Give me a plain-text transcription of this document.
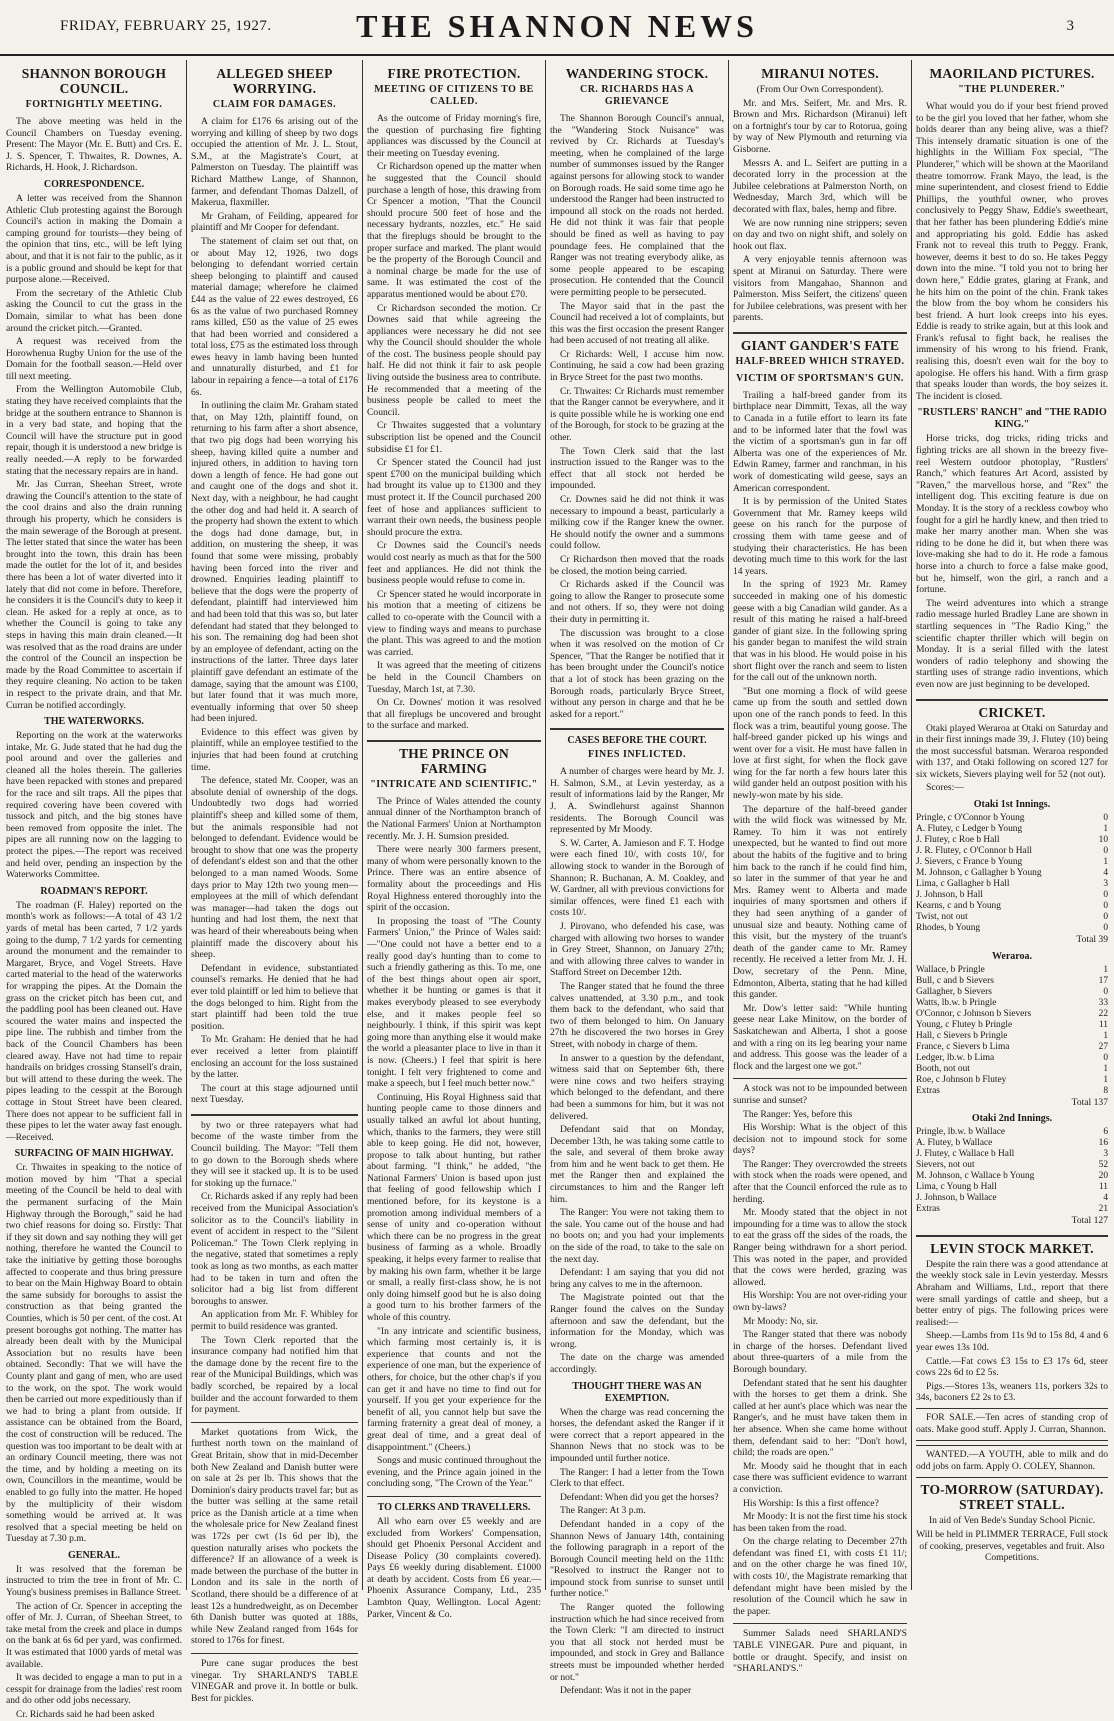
FRIDAY, FEBRUARY 25, 1927.	THE SHANNON NEWS	3
SHANNON BOROUGH COUNCIL.
FORTNIGHTLY MEETING.

The above meeting was held in the Council Chambers on Tuesday evening. Present: The Mayor (Mr. E. Butt) and Crs. E. J. S. Spencer, T. Thwaites, R. Downes, A. Richards, H. Hook, J. Richardson.

CORRESPONDENCE.

A letter was received from the Shannon Athletic Club protesting against the Borough Council's action in making the Domain a camping ground for tourists—they being of the opinion that tins, etc., will be left lying about, and that it is not fair to the public, as it is a public ground and should be kept for that purpose alone.—Received.

From the secretary of the Athletic Club asking the Council to cut the grass in the Domain, similar to what has been done around the cricket pitch.—Granted.

A request was received from the Horowhenua Rugby Union for the use of the Domain for the football season.—Held over till next meeting.

From the Wellington Automobile Club, stating they have received complaints that the bridge at the southern entrance to Shannon is in a very bad state, and hoping that the Council will have the structure put in good repair, though it is understood a new bridge is really needed.—A reply to be forwarded stating that the necessary repairs are in hand.

Mr. Jas Curran, Sheehan Street, wrote drawing the Council's attention to the state of the cool drains and also the drain running through his property, which he considers is the main sewerage of the Borough at present. The letter stated that since the water has been brought into the town, this drain has been made the outlet for the lot of it, and besides there has been a lot of water diverted into it lately that did not come in before. Therefore, he considers it is the Council's duty to keep it clean. He asked for a reply at once, as to whether the Council is going to take any steps in having this main drain cleaned.—It was resolved that as the road drains are under the control of the Council an inspection be made by the Road Committee to ascertain if they require cleaning. No action to be taken in respect to the private drain, and that Mr. Curran be notified accordingly.

THE WATERWORKS.

Reporting on the work at the waterworks intake, Mr. G. Jude stated that he had dug the pool around and over the galleries and cleaned all the holes therein. The galleries have been repacked with stones and prepared for the race and silt traps. All the pipes that required covering have been covered with tussock and pitch, and the big stones have been removed from opposite the inlet. The pipes are all running now on the lagging to protect the pipes.—The report was received and held over, pending an inspection by the Waterworks Committee.

ROADMAN'S REPORT.

The roadman (F. Haley) reported on the month's work as follows:—A total of 43 1/2 yards of metal has been carted, 7 1/2 yards going to the dump, 7 1/2 yards for cementing around the monument and the remainder to Margaret, Bryce, and Vogel Streets. Have carted material to the head of the waterworks for wrapping the pipes. At the Domain the grass on the cricket pitch has been cut, and the paddling pool has been cleaned out. Have scoured the water mains and inspected the pipe line. The rubbish and timber from the back of the Council Chambers has been cleared away. Have not had time to repair handrails on bridges crossing Stansell's drain, but will attend to these during the week. The pipes leading to the cesspit at the Borough cottage in Stout Street have been cleared. There does not appear to be sufficient fall in these pipes to let the water away fast enough.—Received.

SURFACING OF MAIN HIGHWAY.

Cr. Thwaites in speaking to the notice of motion moved by him "That a special meeting of the Council be held to deal with the permanent surfacing of the Main Highway through the Borough," said he had two chief reasons for doing so. Firstly: That if they sit down and say nothing they will get nothing, therefore he wanted the Council to take the initiative by getting those boroughs affected to cooperate and thus bring pressure to bear on the Main Highway Board to obtain the same subsidy for boroughs to assist the construction as that being granted the Counties, which is 50 per cent. of the cost. At present boroughs got nothing. The matter has already been dealt with by the Municipal Association but no results have been obtained. Secondly: That we will have the County plant and gang of men, who are used to the work, on the spot. The work would then be carried out more expeditiously than if we had to bring a plant from outside. If assistance can be obtained from the Board, the cost of construction will be reduced. The question was too important to be dealt with at an ordinary Council meeting, there was not the time, and by holding a meeting on its own, Councillors in the meantime, would be enabled to go fully into the matter. He hoped by the multiplicity of their wisdom something would be arrived at. It was resolved that a special meeting be held on Tuesday at 7.30 p.m.

GENERAL.

It was resolved that the foreman be instructed to trim the tree in front of Mr. C. Young's business premises in Ballance Street.

The action of Cr. Spencer in accepting the offer of Mr. J. Curran, of Sheehan Street, to take metal from the creek and place in dumps on the bank at 6s 6d per yard, was confirmed. It was estimated that 1000 yards of metal was available.

It was decided to engage a man to put in a cesspit for drainage from the ladies' rest room and do other odd jobs necessary.

Cr. Richards said he had been asked

ALLEGED SHEEP WORRYING.
CLAIM FOR DAMAGES.

A claim for £176 6s arising out of the worrying and killing of sheep by two dogs occupied the attention of Mr. J. L. Stout, S.M., at the Magistrate's Court, at Palmerston on Tuesday. The plaintiff was Richard Matthew Lange, of Shannon, farmer, and defendant Thomas Dalzell, of Makerua, flaxmiller.

Mr Graham, of Feilding, appeared for plaintiff and Mr Cooper for defendant.

The statement of claim set out that, on or about May 12, 1926, two dogs belonging to defendant worried certain sheep belonging to plaintiff and caused material damage; wherefore he claimed £44 as the value of 22 ewes destroyed, £6 6s as the value of two purchased Romney rams killed, £50 as the value of 25 ewes that had been worried and considered a total loss, £75 as the estimated loss through ewes heavy in lamb having been hunted and unnaturally disturbed, and £1 for labour in repairing a fence—a total of £176 6s.

In outlining the claim Mr. Graham stated that, on May 12th, plaintiff found, on returning to his farm after a short absence, that two pig dogs had been worrying his sheep, having killed quite a number and injured others, in addition to having torn down a length of fence. He had gone out and caught one of the dogs and shot it. Next day, with a neighbour, he had caught the other dog and had held it. A search of the property had shown the extent to which the dogs had done damage, but, in addition, on mustering the sheep, it was found that some were missing, probably having been forced into the river and drowned. Enquiries leading plaintiff to believe that the dogs were the property of defendant, plaintiff had interviewed him and had been told that this was so, but later defendant had stated that they belonged to his son. The remaining dog had been shot by an employee of defendant, acting on the instructions of the latter. Three days later plaintiff gave defendant an estimate of the damage, saying that the amount was £100, but later found that it was much more, eventually informing that over 50 sheep had been injured.

Evidence to this effect was given by plaintiff, while an employee testified to the injuries that had been found at crutching time.

The defence, stated Mr. Cooper, was an absolute denial of ownership of the dogs. Undoubtedly two dogs had worried plaintiff's sheep and killed some of them, but the animals responsible had not belonged to defendant. Evidence would be brought to show that one was the property of defendant's eldest son and that the other belonged to a man named Woods. Some days prior to May 12th two young men—employees at the mill of which defendant was manager—had taken the dogs out hunting and had lost them, the next that was heard of their whereabouts being when plaintiff made the discovery about his sheep.

Defendant in evidence, substantiated counsel's remarks. He denied that he had ever told plaintiff or led him to believe that the dogs belonged to him. Right from the start plaintiff had been told the true position.

To Mr. Graham: He denied that he had ever received a letter from plaintiff enclosing an account for the loss sustained by the latter.

The court at this stage adjourned until next Tuesday.

by two or three ratepayers what had become of the waste timber from the Council building. The Mayor: "Tell them to go down to the Borough sheds where they will see it stacked up. It is to be used for stoking up the furnace."

Cr. Richards asked if any reply had been received from the Municipal Association's solicitor as to the Council's liability in event of accident in respect to the "Silent Policeman." The Town Clerk replying in the negative, stated that sometimes a reply took as long as two months, as each matter had to be taken in turn and often the solicitor had a big list from different boroughs to answer.

An application from Mr. F. Whibley for permit to build residence was granted.

The Town Clerk reported that the insurance company had notified him that the damage done by the recent fire to the rear of the Municipal Buildings, which was badly scorched, be repaired by a local builder and the account forwarded to them for payment.

Market quotations from Wick, the furthest north town on the mainland of Great Britain, show that in mid-December both New Zealand and Danish butter were on sale at 2s per lb. This shows that the Dominion's dairy products travel far; but as the butter was selling at the same retail price as the Danish article at a time when the wholesale price for New Zealand finest was 172s per cwt (1s 6d per lb), the question naturally arises who pockets the difference? If an allowance of a week is made between the purchase of the butter in London and its sale in the north of Scotland, there should be a difference of at least 12s a hundredweight, as on December 6th Danish butter was quoted at 188s, while New Zealand ranged from 164s for stored to 176s for finest.

Pure cane sugar produces the best vinegar. Try SHARLAND'S TABLE VINEGAR and prove it. In bottle or bulk. Best for pickles.

FIRE PROTECTION.
MEETING OF CITIZENS TO BE CALLED.

As the outcome of Friday morning's fire, the question of purchasing fire fighting appliances was discussed by the Council at their meeting on Tuesday evening.

Cr Richardson opened up the matter when he suggested that the Council should purchase a length of hose, this drawing from Cr Spencer a motion, "That the Council should procure 500 feet of hose and the necessary hydrants, nozzles, etc." He said that the fireplugs should be brought to the proper surface and marked. The plant would be the property of the Borough Council and a nominal charge be made for the use of same. It was estimated the cost of the apparatus mentioned would be about £70.

Cr Richardson seconded the motion. Cr Downes said that while agreeing the appliances were necessary he did not see why the Council should shoulder the whole of the cost. The business people should pay half. He did not think it fair to ask people living outside the business area to contribute. He recommended that a meeting of the business people be called to meet the Council.

Cr Thwaites suggested that a voluntary subscription list be opened and the Council subsidise £1 for £1.

Cr Spencer stated the Council had just spent £700 on the municipal building which had brought its value up to £1300 and they must protect it. If the Council purchased 200 feet of hose and appliances sufficient to warrant their own needs, the business people should procure the extra.

Cr Downes said the Council's needs would cost nearly as much as that for the 500 feet and appliances. He did not think the business people would refuse to come in.

Cr Spencer stated he would incorporate in his motion that a meeting of citizens be called to co-operate with the Council with a view to finding ways and means to purchase the plant. This was agreed to and the motion was carried.

It was agreed that the meeting of citizens be held in the Council Chambers on Tuesday, March 1st, at 7.30.

On Cr. Downes' motion it was resolved that all fireplugs be uncovered and brought to the surface and marked.

THE PRINCE ON FARMING
"INTRICATE AND SCIENTIFIC."

The Prince of Wales attended the county annual dinner of the Northampton branch of the National Farmers' Union at Northampton recently. Mr. J. H. Sumsion presided.

There were nearly 300 farmers present, many of whom were personally known to the Prince. There was an entire absence of formality about the proceedings and His Royal Highness entered thoroughly into the spirit of the occasion.

In proposing the toast of "The County Farmers' Union," the Prince of Wales said:—"One could not have a better end to a really good day's hunting than to come to such a friendly gathering as this. To me, one of the best things about open air sport, whether it be hunting or games is that it makes everybody pleased to see everybody else, and it makes people feel so neighbourly. I think, if this spirit was kept going more than anything else it would make the world a pleasanter place to live in than it is now. (Cheers.) I feel that spirit is here tonight. I felt very frightened to come and make a speech, but I feel much better now."

Continuing, His Royal Highness said that hunting people came to those dinners and usually talked an awful lot about hunting, which, thanks to the farmers, they were still able to keep going. He did not, however, propose to talk about hunting, but rather about farming. "I think," he added, "the National Farmers' Union is based upon just that feeling of good fellowship which I mentioned before, for its keystone is a promotion among individual members of a sense of unity and co-operation without which there can be no progress in the great business of farming as a whole. Broadly speaking, it helps every farmer to realise that by making his own farm, whether it be large or small, a really first-class show, he is not only doing himself good but he is also doing a good turn to his brother farmers of the whole of this country.

"In any intricate and scientific business, which farming most certainly is, it is experience that counts and not the experience of one man, but the experience of others, for choice, but the other chap's if you can get it and have no time to find out for yourself. If you get your experience for the benefit of all, you cannot help but save the farming fraternity a great deal of money, a great deal of time, and a great deal of disappointment." (Cheers.)

Songs and music continued throughout the evening, and the Prince again joined in the concluding song, "The Crown of the Year."

TO CLERKS AND TRAVELLERS.

All who earn over £5 weekly and are excluded from Workers' Compensation, should get Phoenix Personal Accident and Disease Policy (30 complaints covered). Pays £6 weekly during disablement. £1000 at death by accident. Costs from £6 year.—Phoenix Assurance Company, Ltd., 235 Lambton Quay, Wellington. Local Agent: Parker, Vincent & Co.

WANDERING STOCK.
CR. RICHARDS HAS A GRIEVANCE

The Shannon Borough Council's annual, the "Wandering Stock Nuisance" was revived by Cr. Richards at Tuesday's meeting, when he complained of the large number of summonses issued by the Ranger against persons for allowing stock to wander on Borough roads. He said some time ago he understood the Ranger had been instructed to impound all stock on the roads not herded. He did not think it was fair that people should be fined as well as having to pay poundage fees. He complained that the Ranger was not treating everybody alike, as some people appeared to be escaping prosecution. He contended that the Council were permitting people to be persecuted.

The Mayor said that in the past the Council had received a lot of complaints, but this was the first occasion the present Ranger had been accused of not treating all alike.

Cr Richards: Well, I accuse him now. Continuing, he said a cow had been grazing in Bryce Street for the past two months.

Cr. Thwaites: Cr Richards must remember that the Ranger cannot be everywhere, and it is quite possible while he is working one end of the Borough, for stock to be grazing at the other.

The Town Clerk said that the last instruction issued to the Ranger was to the effect that all stock not herded be impounded.

Cr. Downes said he did not think it was necessary to impound a beast, particularly a milking cow if the Ranger knew the owner. He should notify the owner and a summons could follow.

Cr Richardson then moved that the roads be closed, the motion being carried.

Cr Richards asked if the Council was going to allow the Ranger to prosecute some and not others. If so, they were not doing their duty in permitting it.

The discussion was brought to a close when it was resolved on the motion of Cr Spencer, "That the Ranger be notified that it has been brought under the Council's notice that a lot of stock has been grazing on the Borough roads, particularly Bryce Street, without any person in charge and that he be asked for a report."

CASES BEFORE THE COURT.
FINES INFLICTED.

A number of charges were heard by Mr. J. H. Salmon, S.M., at Levin yesterday, as a result of informations laid by the Ranger, Mr J. A. Swindlehurst against Shannon residents. The Borough Council was represented by Mr Moody.

S. W. Carter, A. Jamieson and F. T. Hodge were each fined 10/, with costs 10/, for allowing stock to wander in the Borough of Shannon; R. Buchanan, A. M. Coakley, and W. Gardner, all with previous convictions for similar offences, were fined £1 each with costs 10/.

J. Pirovano, who defended his case, was charged with allowing two horses to wander in Grey Street, Shannon, on January 27th; and with allowing three calves to wander in Stafford Street on December 12th.

The Ranger stated that he found the three calves unattended, at 3.30 p.m., and took them back to the defendant, who said that two of them belonged to him. On January 27th he discovered the two horses in Grey Street, with nobody in charge of them.

In answer to a question by the defendant, witness said that on September 6th, there were nine cows and two heifers straying which belonged to the defendant, and there had been a summons for him, but it was not delivered.

Defendant said that on Monday, December 13th, he was taking some cattle to the sale, and several of them broke away from him and he went back to get them. He met the Ranger then and explained the circumstances to him and the Ranger left him.

The Ranger: You were not taking them to the sale. You came out of the house and had no boots on; and you had your implements on the side of the road, to take to the sale on the next day.

Defendant: I am saying that you did not bring any calves to me in the afternoon.

The Magistrate pointed out that the Ranger found the calves on the Sunday afternoon and saw the defendant, but the information for the Monday, which was wrong.

The date on the charge was amended accordingly.

THOUGHT THERE WAS AN EXEMPTION.

When the charge was read concerning the horses, the defendant asked the Ranger if it were correct that a report appeared in the Shannon News that no stock was to be impounded until further notice.

The Ranger: I had a letter from the Town Clerk to that effect.

Defendant: When did you get the horses?

The Ranger: At 3 p.m.

Defendant handed in a copy of the Shannon News of January 14th, containing the following paragraph in a report of the Borough Council meeting held on the 11th: "Resolved to instruct the Ranger not to impound stock from sunrise to sunset until further notice."

The Ranger quoted the following instruction which he had since received from the Town Clerk: "I am directed to instruct you that all stock not herded must be impounded, and stock in Grey and Ballance streets must be impounded whether herded or not."

Defendant: Was it not in the paper

MIRANUI NOTES.

(From Our Own Correspondent).

Mr. and Mrs. Seifert, Mr. and Mrs. R. Brown and Mrs. Richardson (Miranui) left on a fortnight's tour by car to Rotorua, going by way of New Plymouth and returning via Gisborne.

Messrs A. and L. Seifert are putting in a decorated lorry in the procession at the Jubilee celebrations at Palmerston North, on Wednesday, March 3rd, which will be decorated with flax, bales, hemp and fibre.

We are now running nine strippers; seven on day and two on night shift, and solely on hook out flax.

A very enjoyable tennis afternoon was spent at Miranui on Saturday. There were visitors from Mangahao, Shannon and Palmerston. Miss Seifert, the citizens' queen for Jubilee celebrations, was present with her parents.

GIANT GANDER'S FATE
HALF-BREED WHICH STRAYED.
VICTIM OF SPORTSMAN'S GUN.

Trailing a half-breed gander from its birthplace near Dimmitt, Texas, all the way to Canada in a futile effort to learn its fate and to be informed later that the fowl was the victim of a sportsman's gun in far off Alberta was one of the experiences of Mr. Edwin Ramey, farmer and ranchman, in his work of domesticating wild geese, says an American correspondent.

It is by permission of the United States Government that Mr. Ramey keeps wild geese on his ranch for the purpose of crossing them with tame geese and of studying their characteristics. He has been devoting much time to this work for the last 14 years.

In the spring of 1923 Mr. Ramey succeeded in making one of his domestic geese with a big Canadian wild gander. As a result of this mating he raised a half-breed gander of giant size. In the following spring his gander began to manifest the wild strain that was in his blood. He would poise in his short flight over the ranch and seem to listen for the call out of the unknown north.

"But one morning a flock of wild geese came up from the south and settled down upon one of the ranch ponds to feed. In this flock was a trim, beautiful young goose. The half-breed gander picked up his wings and went over for a visit. He must have fallen in love at first sight, for when the flock gave wing for the far north a few hours later this wild gander held an outpost position with his newly-won mate by his side.

The departure of the half-breed gander with the wild flock was witnessed by Mr. Ramey. To him it was not entirely unexpected, but he wanted to find out more about the habits of the fugitive and to bring him back to the ranch if he could find him, so later in the summer of that year he and Mrs. Ramey went to Alberta and made inquiries of many sportsmen and others if they had seen anything of a gander of unusual size and beauty. Nothing came of this visit, but the mystery of the truant's death of the gander came to Mr. Ramey recently. He received a letter from Mr. J. H. Dow, secretary of the Penn. Mine, Edmonton, Alberta, stating that he had killed this gander.

Mr. Dow's letter said: "While hunting geese near Lake Minitow, on the border of Saskatchewan and Alberta, I shot a goose and with a ring on its leg bearing your name and address. This goose was the leader of a flock and the largest one we got."

A stock was not to be impounded between sunrise and sunset?

The Ranger: Yes, before this

His Worship: What is the object of this decision not to impound stock for some days?

The Ranger: They overcrowded the streets with stock when the roads were opened, and after that the Council enforced the rule as to herding.

Mr. Moody stated that the object in not impounding for a time was to allow the stock to eat the grass off the sides of the roads, the Ranger being withdrawn for a short period. This was noted in the paper, and provided that the cows were herded, grazing was allowed.

His Worship: You are not over-riding your own by-laws?

Mr Moody: No, sir.

The Ranger stated that there was nobody in charge of the horses. Defendant lived about three-quarters of a mile from the Borough boundary.

Defendant stated that he sent his daughter with the horses to get them a drink. She called at her aunt's place which was near the Ranger's, and he must have taken them in her absence. When she came home without them, defendant said to her: "Don't howl, child; the roads are open."

Mr. Moody said he thought that in each case there was sufficient evidence to warrant a conviction.

His Worship: Is this a first offence?

Mr Moody: It is not the first time his stock has been taken from the road.

On the charge relating to December 27th defendant was fined £1, with costs £1 11/; and on the other charge he was fined 10/, with costs 10/, the Magistrate remarking that defendant might have been misled by the resolution of the Council which he saw in the paper.

Summer Salads need SHARLAND'S TABLE VINEGAR. Pure and piquant, in bottle or draught. Specify, and insist on "SHARLAND'S."

MAORILAND PICTURES.
"THE PLUNDERER."

What would you do if your best friend proved to be the girl you loved that her father, whom she holds dearer than any being alive, was a thief? This intensely dramatic situation is one of the highlights in the William Fox special, "The Plunderer," which will be shown at the Maoriland theatre tomorrow. Frank Mayo, the lead, is the mine superintendent, and closest friend to Eddie Phillips, the youthful owner, who proves conclusively to Peggy Shaw, Eddie's sweetheart, that her father has been plundering Eddie's mine and appropriating his gold. Eddie has asked Frank not to reveal this truth to Peggy. Frank, however, deems it best to do so. He takes Peggy down into the mine. "I told you not to bring her down here," Eddie grates, glaring at Frank, and he hits him on the point of the chin. Frank takes the blow from the boy whom he considers his best friend. A hurt look creeps into his eyes. Eddie is ready to strike again, but at this look and Frank's refusal to fight back, he realises the immensity of his wrong to his friend. Frank, realising this, doesn't even wait for the boy to apologise. He offers his hand. With a firm grasp that speaks louder than words, the boy seizes it. The incident is closed.

"RUSTLERS' RANCH" and "THE RADIO KING."

Horse tricks, dog tricks, riding tricks and fighting tricks are all shown in the breezy five-reel Western outdoor photoplay, "Rustlers' Ranch," which features Art Acord, assisted by "Raven," the marvellous horse, and "Rex" the intelligent dog. This exciting feature is due on Monday. It is the story of a reckless cowboy who fought for a girl he hardly knew, and then tried to make her marry another man. When she was riding to be done he did it, but when there was love-making she had to do it. He rode a famous horse into a church to force a false make good, but he, himself, won the girl, a ranch and a fortune.

The weird adventures into which a strange radio message hurled Bradley Lane are shown in startling sequences in "The Radio King," the scientific chapter thriller which will begin on Monday. It is a serial filled with the latest wonders of radio telephony and showing the startling uses of strange radio inventions, which even now are just beginning to be developed.

CRICKET.

Otaki played Weraroa at Otaki on Saturday and in their first innings made 39, J. Flutey (10) being the most successful batsman. Weraroa responded with 137, and Otaki following on scored 127 for six wickets, Sievers playing well for 52 (not out).

Scores:—

Otaki 1st Innings.
Pringle, c O'Connor b Young	0
A. Flutey, c Ledger b Young	1
J. Flutey, c Roe b Hall	10
J. R. Flutey, c O'Connor b Hall	0
J. Sievers, c France b Young	1
M. Johnson, c Gallagher b Young	4
Lima, c Gallagher b Hall	3
J. Johnson, b Hall	0
Kearns, c and b Young	0
Twist, not out	0
Rhodes, b Young	0
Total 39
Weraroa.
Wallace, b Pringle	1
Bull, c and b Sievers	17
Gallagher, b Sievers	0
Watts, lb.w. b Pringle	33
O'Connor, c Johnson b Sievers	22
Young, c Flutey b Pringle	11
Hall, c Sievers b Pringle	1
France, c Sievers b Lima	27
Ledger, lb.w. b Lima	0
Booth, not out	1
Roe, c Johnson b Flutey	1
Extras	8
Total 137
Otaki 2nd Innings.
Pringle, lb.w. b Wallace	6
A. Flutey, b Wallace	16
J. Flutey, c Wallace b Hall	3
Sievers, not out	52
M. Johnson, c Wallace b Young	20
Lima, c Young b Hall	11
J. Johnson, b Wallace	4
Extras	21
Total 127
LEVIN STOCK MARKET.

Despite the rain there was a good attendance at the weekly stock sale in Levin yesterday. Messrs Abraham and Williams, Ltd., report that there were small yardings of cattle and sheep, but a better entry of pigs. The following prices were realised:—

Sheep.—Lambs from 11s 9d to 15s 8d, 4 and 6 year ewes 13s 10d.

Cattle.—Fat cows £3 15s to £3 17s 6d, steer cows 22s 6d to £2 5s.

Pigs.—Stores 13s, weaners 11s, porkers 32s to 34s, baconers £2 2s to £3.

FOR SALE.—Ten acres of standing crop of oats. Make good stuff. Apply J. Curran, Shannon.

WANTED.—A YOUTH, able to milk and do odd jobs on farm. Apply O. COLEY, Shannon.

TO-MORROW (SATURDAY). STREET STALL.

In aid of Ven Bede's Sunday School Picnic.

Will be held in PLIMMER TERRACE, Full stock of cooking, preserves, vegetables and fruit. Also Competitions.
